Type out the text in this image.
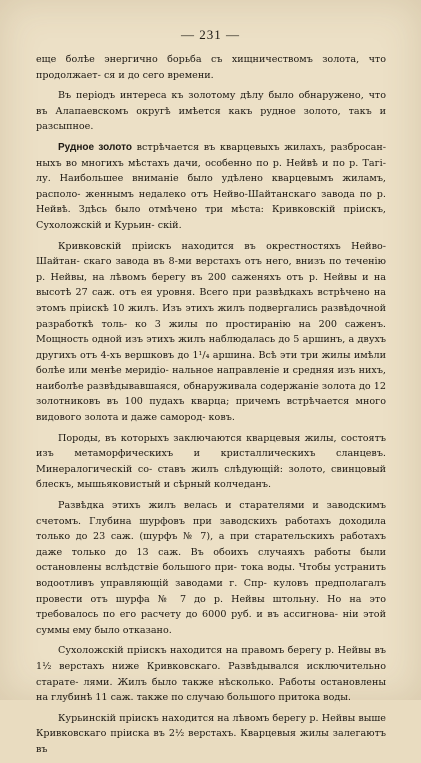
— 231 —

еще болѣе энергично борьба съ хищничествомъ золота, что продолжает- ся и до сего времени.

Въ періодъ интереса къ золотому дѣлу было обнаружено, что въ Алапаевскомъ округѣ имѣется какъ рудное золото, такъ и разсыпное.

Рудное золото встрѣчается въ кварцевыхъ жилахъ, разбросан- ныхъ во многихъ мѣстахъ дачи, особенно по р. Нейвѣ и по р. Тагі- лу. Наибольшее вниманіе было удѣлено кварцевымъ жиламъ, располо- женнымъ недалеко отъ Нейво-Шайтанскаго завода по р. Нейвѣ. Здѣсь было отмѣчено три мѣста: Кривковскій пріискъ, Сухоложскій и Курьин- скій.

Кривковскій пріискъ находится въ окрестностяхъ Нейво-Шайтан- скаго завода въ 8-ми верстахъ отъ него, внизъ по теченію р. Нейвы, на лѣвомъ берегу въ 200 саженяхъ отъ р. Нейвы и на высотѣ 27 саж. отъ ея уровня. Всего при развѣдкахъ встрѣчено на этомъ пріискѣ 10 жилъ. Изъ этихъ жилъ подвергались развѣдочной разработкѣ толь- ко 3 жилы по простиранію на 200 саженъ. Мощность одной изъ этихъ жилъ наблюдалась до 5 аршинъ, а двухъ другихъ отъ 4-хъ вершковъ до 1¹/₄ аршина. Всѣ эти три жилы имѣли болѣе или менѣе меридіо- нальное направленіе и средняя изъ нихъ, наиболѣе развѣдывавшаяся, обнаруживала содержаніе золота до 12 золотниковъ въ 100 пудахъ кварца; причемъ встрѣчается много видового золота и даже самород- ковъ.

Породы, въ которыхъ заключаются кварцевыя жилы, состоятъ изъ метаморфическихъ и кристаллическихъ сланцевъ. Минералогическій со- ставъ жилъ слѣдующій: золото, свинцовый блескъ, мышьяковистый и сѣрный колчеданъ.

Развѣдка этихъ жилъ велась и старателями и заводскимъ счетомъ. Глубина шурфовъ при заводскихъ работахъ доходила только до 23 саж. (шурфъ № 7), а при старательскихъ работахъ даже только до 13 саж. Въ обоихъ случаяхъ работы были остановлены вслѣдствіе большого при- тока воды. Чтобы устранить водоотливъ управляющій заводами г. Спр- куловъ предполагалъ провести отъ шурфа № 7 до р. Нейвы штольну. Но на это требовалось по его расчету до 6000 руб. и въ ассигнова- ніи этой суммы ему было отказано.

Сухоложскій пріискъ находится на правомъ берегу р. Нейвы въ 1½ верстахъ ниже Кривковскаго. Развѣдывался исключительно старате- лями. Жилъ было также нѣсколько. Работы остановлены на глубинѣ 11 саж. также по случаю большого притока воды.

Курьинскій пріискъ находится на лѣвомъ берегу р. Нейвы выше Кривковскаго пріиска въ 2½ верстахъ. Кварцевыя жилы залегаютъ въ
